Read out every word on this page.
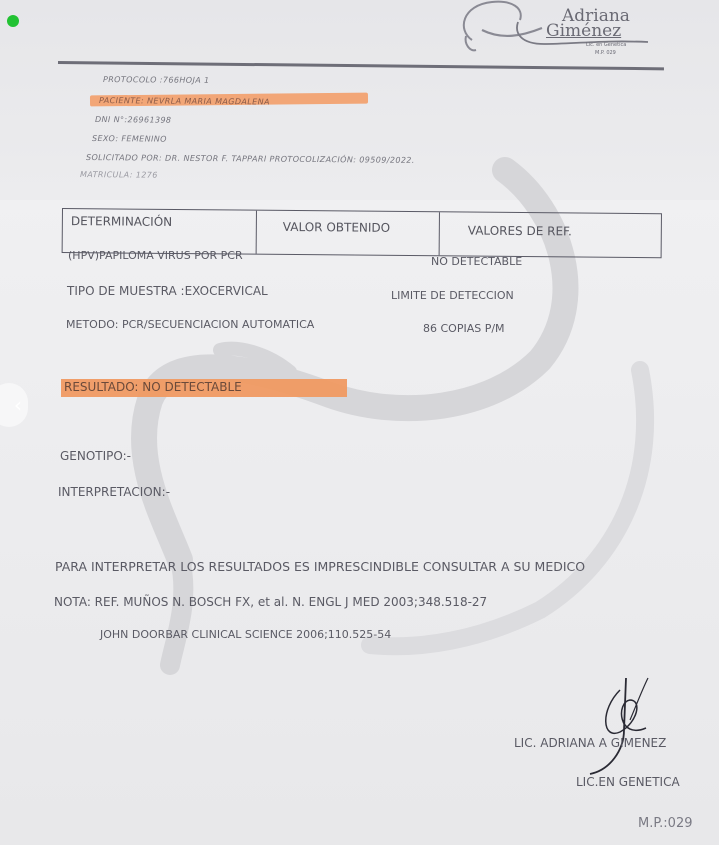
‹
Adriana
Giménez
Lic. en Genetica
M.P. 029
PROTOCOLO :766HOJA 1
PACIENTE: NEVRLA MARIA MAGDALENA
DNI N°:26961398
SEXO: FEMENINO
SOLICITADO POR: DR. NESTOR F. TAPPARI PROTOCOLIZACIÓN: 09509/2022.
MATRICULA: 1276
DETERMINACIÓN	VALOR OBTENIDO	VALORES DE REF.
(HPV)PAPILOMA VIRUS POR PCR	NO DETECTABLE
TIPO DE MUESTRA :EXOCERVICAL	LIMITE DE DETECCION
METODO: PCR/SECUENCIACION AUTOMATICA	86 COPIAS P/M
RESULTADO: NO DETECTABLE
GENOTIPO:-
INTERPRETACION:-
PARA INTERPRETAR LOS RESULTADOS ES IMPRESCINDIBLE CONSULTAR A SU MEDICO
NOTA: REF. MUÑOS N. BOSCH FX, et al. N. ENGL J MED 2003;348.518-27
JOHN DOORBAR CLINICAL SCIENCE 2006;110.525-54
LIC. ADRIANA A GIMENEZ
LIC.EN GENETICA
M.P.:029
